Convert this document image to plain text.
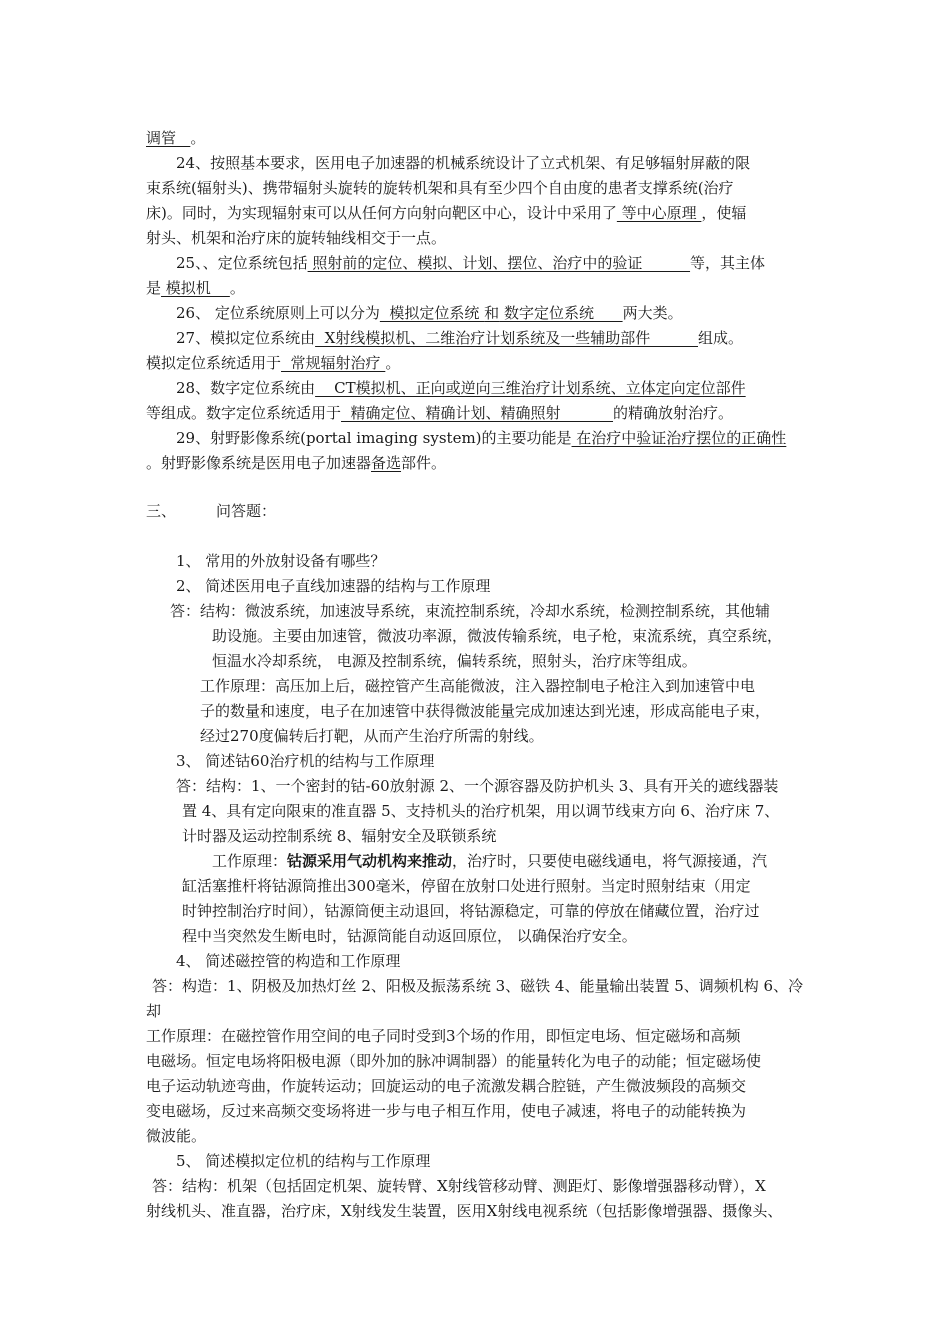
调管 。
24、按照基本要求，医用电子加速器的机械系统设计了立式机架、有足够辐射屏蔽的限
束系统(辐射头)、携带辐射头旋转的旋转机架和具有至少四个自由度的患者支撑系统(治疗
床)。同时，为实现辐射束可以从任何方向射向靶区中心，设计中采用了 等中心原理 ，使辐
射头、机架和治疗床的旋转轴线相交于一点。
25、、定位系统包括 照射前的定位、模拟、计划、摆位、治疗中的验证          等，其主体
是 模拟机    。
26、 定位系统原则上可以分为  模拟定位系统 和 数字定位系统      两大类。
27、模拟定位系统由  X射线模拟机、二维治疗计划系统及一些辅助部件          组成。
模拟定位系统适用于  常规辐射治疗 。
28、数字定位系统由    CT模拟机、正向或逆向三维治疗计划系统、立体定向定位部件
等组成。数字定位系统适用于  精确定位、精确计划、精确照射           的精确放射治疗。
29、射野影像系统(portal imaging system)的主要功能是 在治疗中验证治疗摆位的正确性
。射野影像系统是医用电子加速器备选部件。
三、	问答题：
1、 常用的外放射设备有哪些？
2、 简述医用电子直线加速器的结构与工作原理
答：结构：微波系统，加速波导系统，束流控制系统，冷却水系统，检测控制系统，其他辅
助设施。主要由加速管，微波功率源，微波传输系统，电子枪，束流系统，真空系统，
恒温水冷却系统， 电源及控制系统，偏转系统，照射头，治疗床等组成。
工作原理：高压加上后，磁控管产生高能微波，注入器控制电子枪注入到加速管中电
子的数量和速度，电子在加速管中获得微波能量完成加速达到光速，形成高能电子束，
经过270度偏转后打靶，从而产生治疗所需的射线。
3、 简述钴60治疗机的结构与工作原理
答：结构：1、一个密封的钴-60放射源 2、一个源容器及防护机头 3、具有开关的遮线器装
置 4、具有定向限束的准直器 5、支持机头的治疗机架，用以调节线束方向 6、治疗床 7、
计时器及运动控制系统 8、辐射安全及联锁系统
工作原理：钴源采用气动机构来推动，治疗时，只要使电磁线通电，将气源接通，汽
缸活塞推杆将钴源筒推出300毫米，停留在放射口处进行照射。当定时照射结束（用定
时钟控制治疗时间），钴源筒便主动退回，将钴源稳定，可靠的停放在储藏位置，治疗过
程中当突然发生断电时，钴源筒能自动返回原位， 以确保治疗安全。
4、 简述磁控管的构造和工作原理
答：构造：1、阴极及加热灯丝 2、阳极及振荡系统 3、磁铁 4、能量输出装置 5、调频机构 6、冷
却
工作原理：在磁控管作用空间的电子同时受到3个场的作用，即恒定电场、恒定磁场和高频
电磁场。恒定电场将阳极电源（即外加的脉冲调制器）的能量转化为电子的动能；恒定磁场使
电子运动轨迹弯曲，作旋转运动；回旋运动的电子流激发耦合腔链，产生微波频段的高频交
变电磁场，反过来高频交变场将进一步与电子相互作用，使电子减速，将电子的动能转换为
微波能。
5、 简述模拟定位机的结构与工作原理
答：结构：机架（包括固定机架、旋转臂、X射线管移动臂、测距灯、影像增强器移动臂），X
射线机头、准直器，治疗床，X射线发生装置，医用X射线电视系统（包括影像增强器、摄像头、
